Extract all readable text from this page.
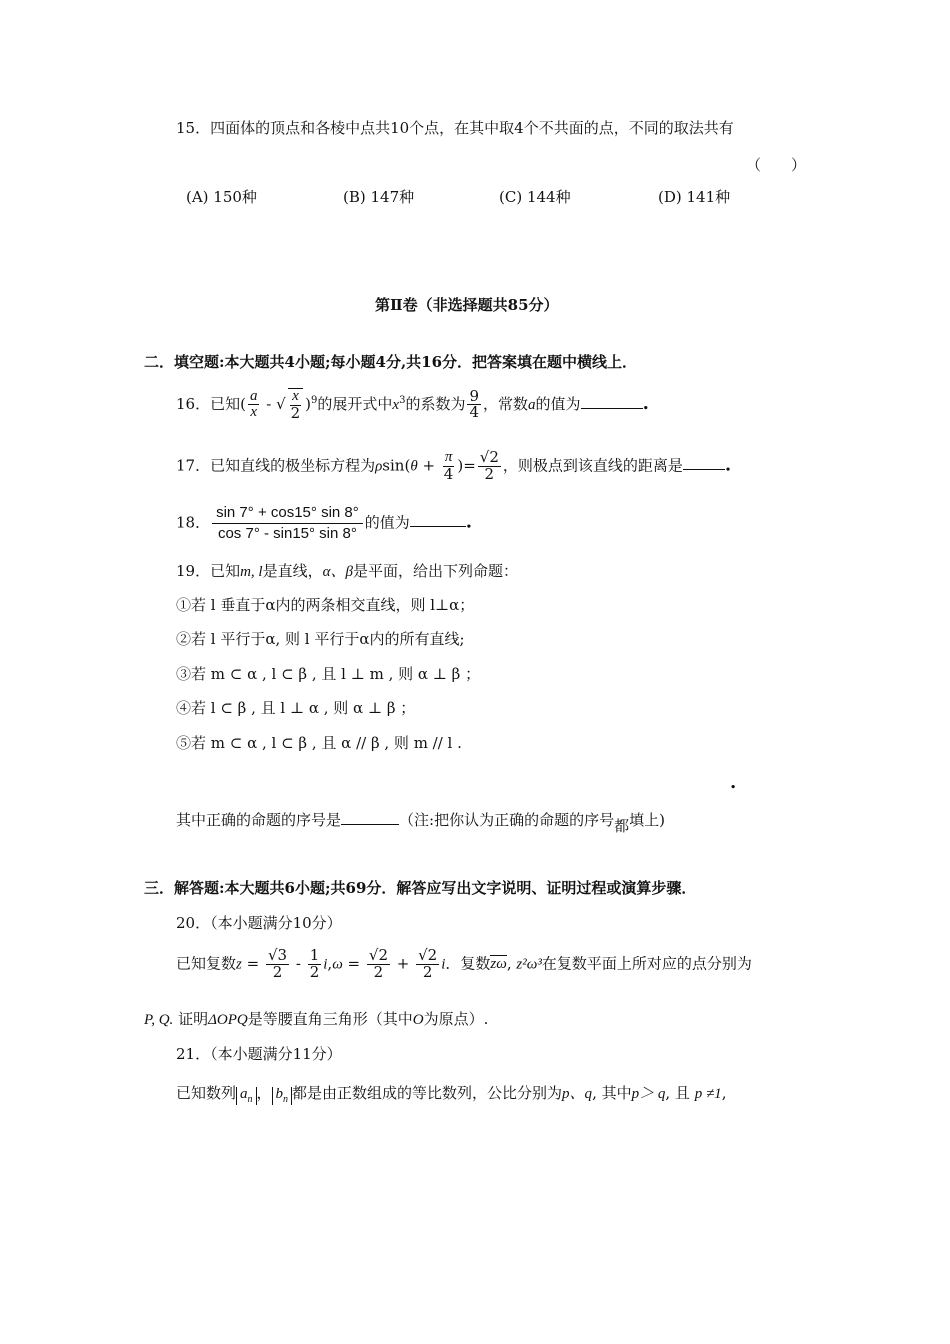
15．四面体的顶点和各棱中点共10个点，在其中取4个不共面的点，不同的取法共有
（　　）
(A) 150种	(B) 147种	(C) 144种	(D) 141种
第Ⅱ卷（非选择题共85分）
二．填空题:本大题共4小题;每小题4分,共16分．把答案填在题中横线上．
16．已知( $\frac{a}{x}$ - √ $\frac{x}{2} )^9$的展开式中$x^3$的系数为 $\frac{9}{4}$ ，常数a的值为	.
17．已知直线的极坐标方程为$\rho\sin(\theta + \frac{\pi}{4}$ )= $\frac{√2}{2}$ ，则极点到该直线的距离是 .
18． $\frac{\sin 7^\circ + \cos 15^\circ \sin 8^\circ}{\cos 7^\circ - \sin 15^\circ \sin 8^\circ}$ 的值为	.
19．已知m, l是直线，α、β是平面，给出下列命题：
①若 l 垂直于α内的两条相交直线，则 l⊥α；
②若 l 平行于α, 则 l 平行于α内的所有直线;
③若 m ⊂ α , l ⊂ β , 且 l ⊥ m , 则 α ⊥ β ；
④若 l ⊂ β , 且 l ⊥ α , 则 α ⊥ β ；
⑤若 m ⊂ α , l ⊂ β , 且 α // β , 则 m // l .
.
其中正确的命题的序号是	（注:把你认为正确的命题的序号都填上)
三．解答题:本大题共6小题;共69分．解答应写出文字说明、证明过程或演算步骤．
20．（本小题满分10分）
已知复数$z = \frac{√3}{2} - \frac{1}{2} i,\omega = \frac{√2}{2} + \frac{√2}{2}$ i．复数zω, z²ω³在复数平面上所对应的点分别为
P, Q. 证明ΔOPQ是等腰直角三角形（其中O为原点）.
21．（本小题满分11分）
已知数列 $a_n$ ， $b_n$ 都是由正数组成的等比数列，公比分别为p、q, 其中p＞ q, 且 p ≠1,
